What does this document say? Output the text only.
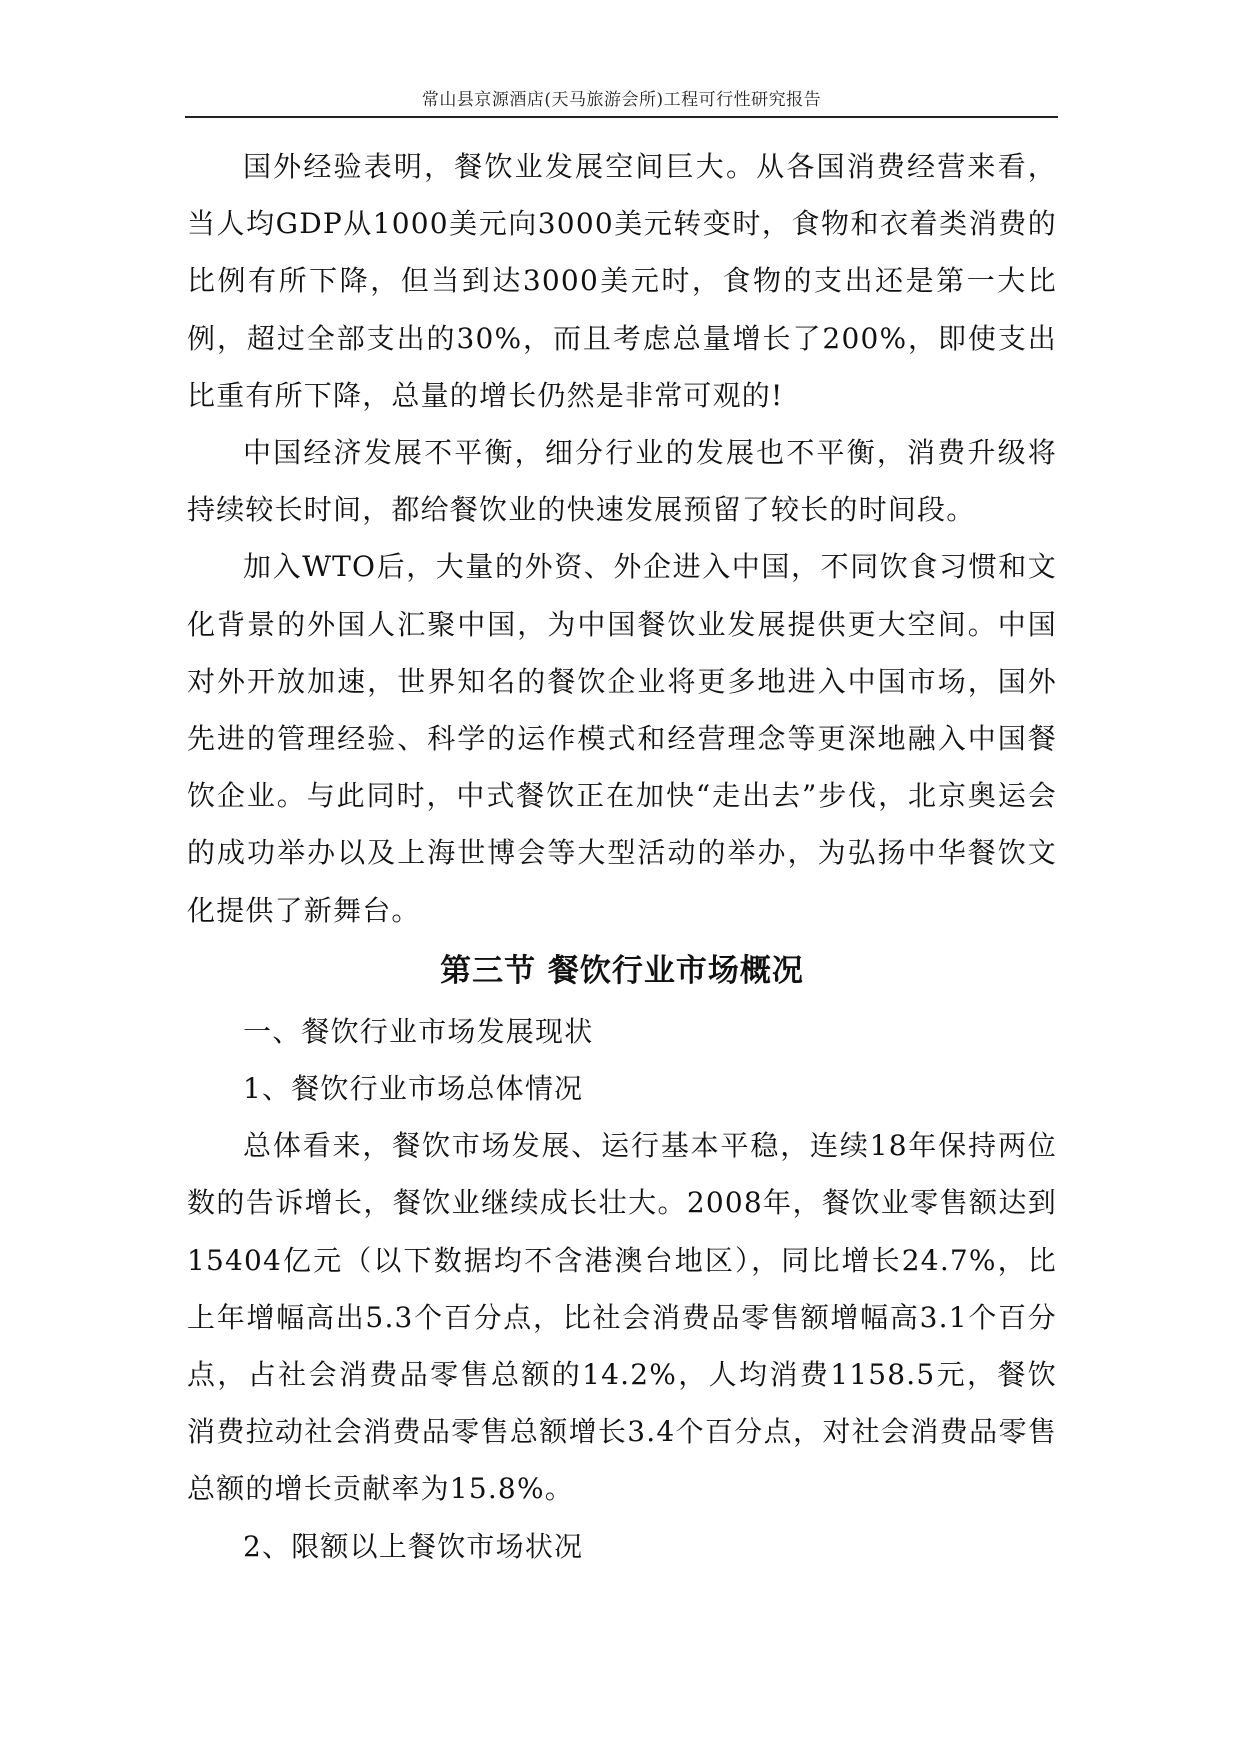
常山县京源酒店(天马旅游会所)工程可行性研究报告

国外经验表明，餐饮业发展空间巨大。从各国消费经营来看，当人均GDP从1000美元向3000美元转变时，食物和衣着类消费的比例有所下降，但当到达3000美元时，食物的支出还是第一大比例，超过全部支出的30%，而且考虑总量增长了200%，即使支出比重有所下降，总量的增长仍然是非常可观的!

中国经济发展不平衡，细分行业的发展也不平衡，消费升级将持续较长时间，都给餐饮业的快速发展预留了较长的时间段。

加入WTO后，大量的外资、外企进入中国，不同饮食习惯和文化背景的外国人汇聚中国，为中国餐饮业发展提供更大空间。中国对外开放加速，世界知名的餐饮企业将更多地进入中国市场，国外先进的管理经验、科学的运作模式和经营理念等更深地融入中国餐饮企业。与此同时，中式餐饮正在加快“走出去”步伐，北京奥运会的成功举办以及上海世博会等大型活动的举办，为弘扬中华餐饮文化提供了新舞台。

第三节 餐饮行业市场概况

一、餐饮行业市场发展现状

1、餐饮行业市场总体情况

总体看来，餐饮市场发展、运行基本平稳，连续18年保持两位数的告诉增长，餐饮业继续成长壮大。2008年，餐饮业零售额达到15404亿元（以下数据均不含港澳台地区），同比增长24.7%，比上年增幅高出5.3个百分点，比社会消费品零售额增幅高3.1个百分点，占社会消费品零售总额的14.2%，人均消费1158.5元，餐饮消费拉动社会消费品零售总额增长3.4个百分点，对社会消费品零售总额的增长贡献率为15.8%。

2、限额以上餐饮市场状况
